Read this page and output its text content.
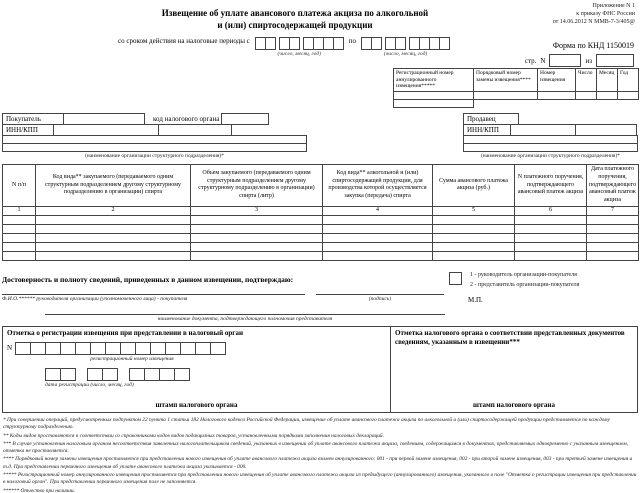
Приложение N 1
к приказу ФНС России
от 14.06.2012 N ММВ-7-3/405@
Извещение об уплате авансового платежа акциза по алкогольной
и (или) спиртосодержащей продукции
со сроком действия на налоговые периоды с
(число, месяц, год)
по
(число, месяц, год)
Форма по КНД 1150019
стр. N	из
Регистрационный номер аннулированного извещения*****	Порядковый номер замены извещения****	Номер извещения	Число	Месяц	Год

Покупатель	код налогового органа
ИНН/КПП
(наименование организации структурного подразделения)*
Продавец
ИНН/КПП
(наименование организации структурного подразделения)*
N п/п	Код вида** закупаемого (передаваемого одним структурным подразделением другому структурному подразделению в организации) спирта	Объем закупаемого (передаваемого одним структурным подразделением другому структурному подразделению в организации) спирта (литр)	Код вида** алкогольной и (или) спиртосодержащей продукции, для производства которой осуществляется закупка (передача) спирта	Сумма авансового платежа акциза (руб.)	N платежного поручения, подтверждающего авансовый платеж акциза	Дата платежного поручения, подтверждающего авансовый платеж акциза
1	2	3	4	5	6	7

Достоверность и полноту сведений, приведенных в данном извещении, подтверждаю:	1 - руководитель организации-покупателя
2 - представитель организации-покупателя
Ф.И.О.****** руководителя организации (уполномоченного лица) - покупателя	(подпись)	М.П.
наименование документа, подтверждающего полномочия представителя
Отметка о регистрации извещения при представлении в налоговый орган
N
регистрационный номер извещения
дата регистрации (число, месяц, год)
штамп налогового органа
Отметка налогового органа о соответствии представленных документов сведениям, указанным в извещении***
штамп налогового органа

* При совершении операций, предусмотренных подпунктом 22 пункта 1 статьи 182 Налогового кодекса Российской Федерации, извещение об уплате авансового платежа акциза по алкогольной и (или) спиртосодержащей продукции представляется по каждому структурному подразделению.

** Коды видов проставляются в соответствии со справочниками кодов видов подакцизных товаров, установленными порядками заполнения налоговых деклараций.

*** В случае установления налоговым органом несоответствия заявленных налогоплательщиком сведений, указанных в извещении об уплате авансового платежа акциза, сведениям, содержащимся в документах, представляемых одновременно с указанным извещением, отметка не проставляется.

**** Порядковый номер замены извещения проставляется при представлении нового извещения об уплате авансового платежа акциза взамен аннулированного: 001 - при первой замене извещения, 002 - при второй замене извещения, 003 - при третьей замене извещения и т.д. При представлении первичного извещения об уплате авансового платежа акциза указывается - 000.

***** Регистрационный номер аннулированного извещения проставляется при представлении нового извещения об уплате авансового платежа акциза из предыдущего (аннулированного) извещения, указанного в поле "Отметка о регистрации извещения при представлении в налоговый орган". При представлении первичного извещения поле не заполняется.

****** Отчество при наличии.
